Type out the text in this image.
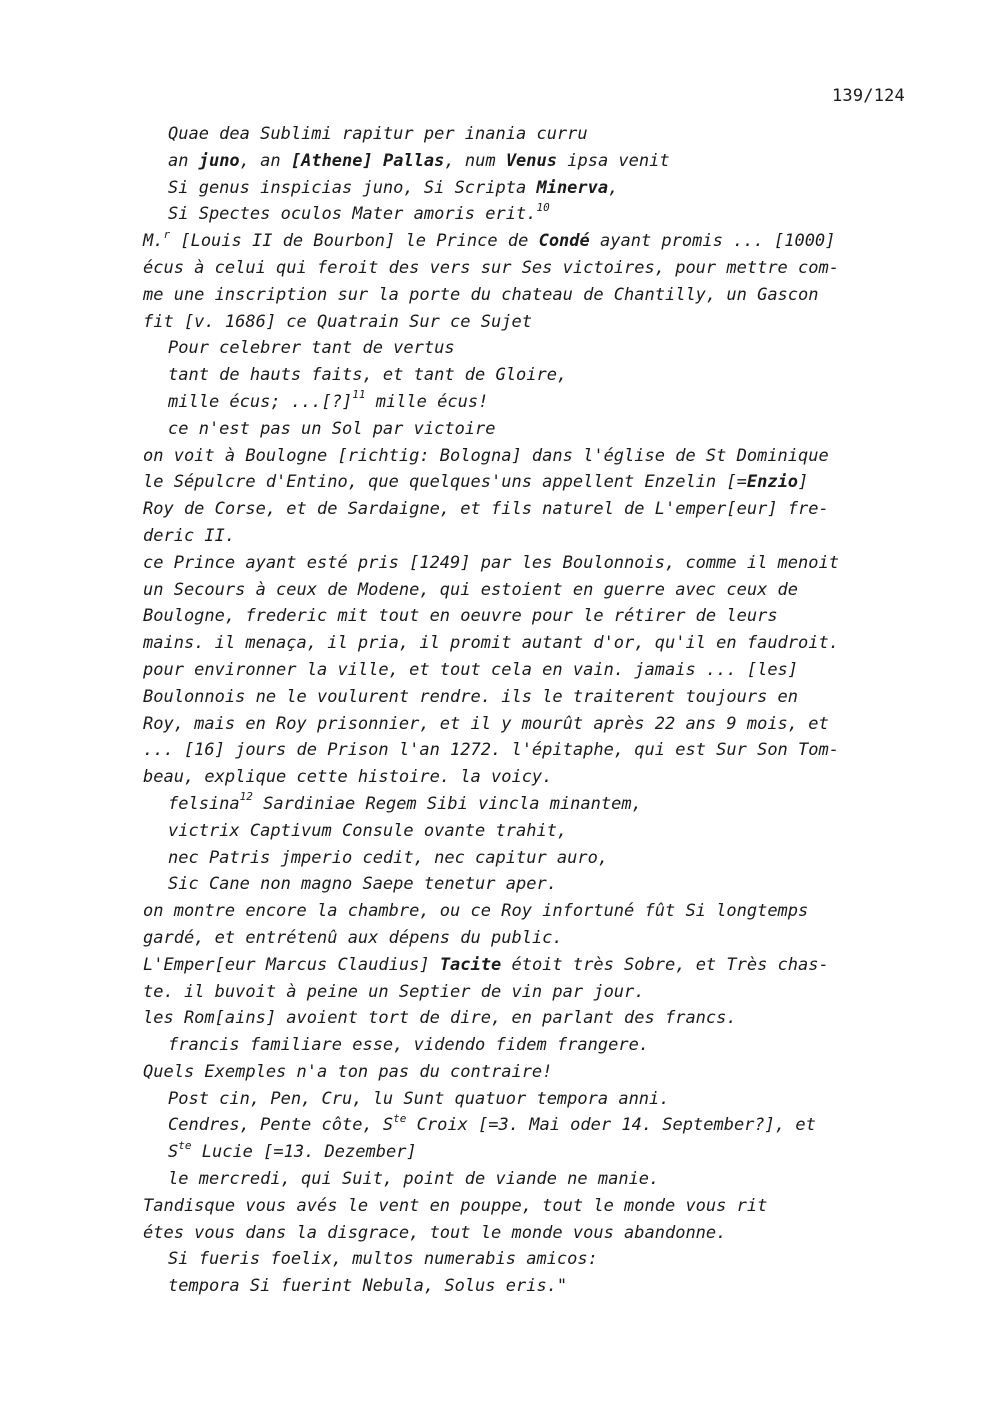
139/124
Quae dea Sublimi rapitur per inania curru
an juno, an [Athene] Pallas, num Venus ipsa venit
Si genus inspicias juno, Si Scripta Minerva,
Si Spectes oculos Mater amoris erit.$^{10}$
M.$^r$ [Louis II de Bourbon] le Prince de Condé ayant promis ... [1000]
écus à celui qui feroit des vers sur Ses victoires, pour mettre com-
me une inscription sur la porte du chateau de Chantilly, un Gascon
fit [v. 1686] ce Quatrain Sur ce Sujet
Pour celebrer tant de vertus
tant de hauts faits, et tant de Gloire,
mille écus; ...[?]$^{11}$ mille écus!
ce n'est pas un Sol par victoire
on voit à Boulogne [richtig: Bologna] dans l'église de St Dominique
le Sépulcre d'Entino, que quelques'uns appellent Enzelin [=Enzio]
Roy de Corse, et de Sardaigne, et fils naturel de L'emper[eur] fre-
deric II.
ce Prince ayant esté pris [1249] par les Boulonnois, comme il menoit
un Secours à ceux de Modene, qui estoient en guerre avec ceux de
Boulogne, frederic mit tout en oeuvre pour le rétirer de leurs
mains. il menaça, il pria, il promit autant d'or, qu'il en faudroit.
pour environner la ville, et tout cela en vain. jamais ... [les]
Boulonnois ne le voulurent rendre. ils le traiterent toujours en
Roy, mais en Roy prisonnier, et il y mourût après 22 ans 9 mois, et
... [16] jours de Prison l'an 1272. l'épitaphe, qui est Sur Son Tom-
beau, explique cette histoire. la voicy.
felsina$^{12}$ Sardiniae Regem Sibi vincla minantem,
victrix Captivum Consule ovante trahit,
nec Patris jmperio cedit, nec capitur auro,
Sic Cane non magno Saepe tenetur aper.
on montre encore la chambre, ou ce Roy infortuné fût Si longtemps
gardé, et entrétenû aux dépens du public.
L'Emper[eur Marcus Claudius] Tacite étoit très Sobre, et Très chas-
te. il buvoit à peine un Septier de vin par jour.
les Rom[ains] avoient tort de dire, en parlant des francs.
francis familiare esse, videndo fidem frangere.
Quels Exemples n'a ton pas du contraire!
Post cin, Pen, Cru, lu Sunt quatuor tempora anni.
Cendres, Pente côte, $S^{te}$ Croix [=3. Mai oder 14. September?], et
$S^{te}$ Lucie [=13. Dezember]
le mercredi, qui Suit, point de viande ne manie.
Tandisque vous avés le vent en pouppe, tout le monde vous rit
étes vous dans la disgrace, tout le monde vous abandonne.
Si fueris foelix, multos numerabis amicos:
tempora Si fuerint Nebula, Solus eris."
